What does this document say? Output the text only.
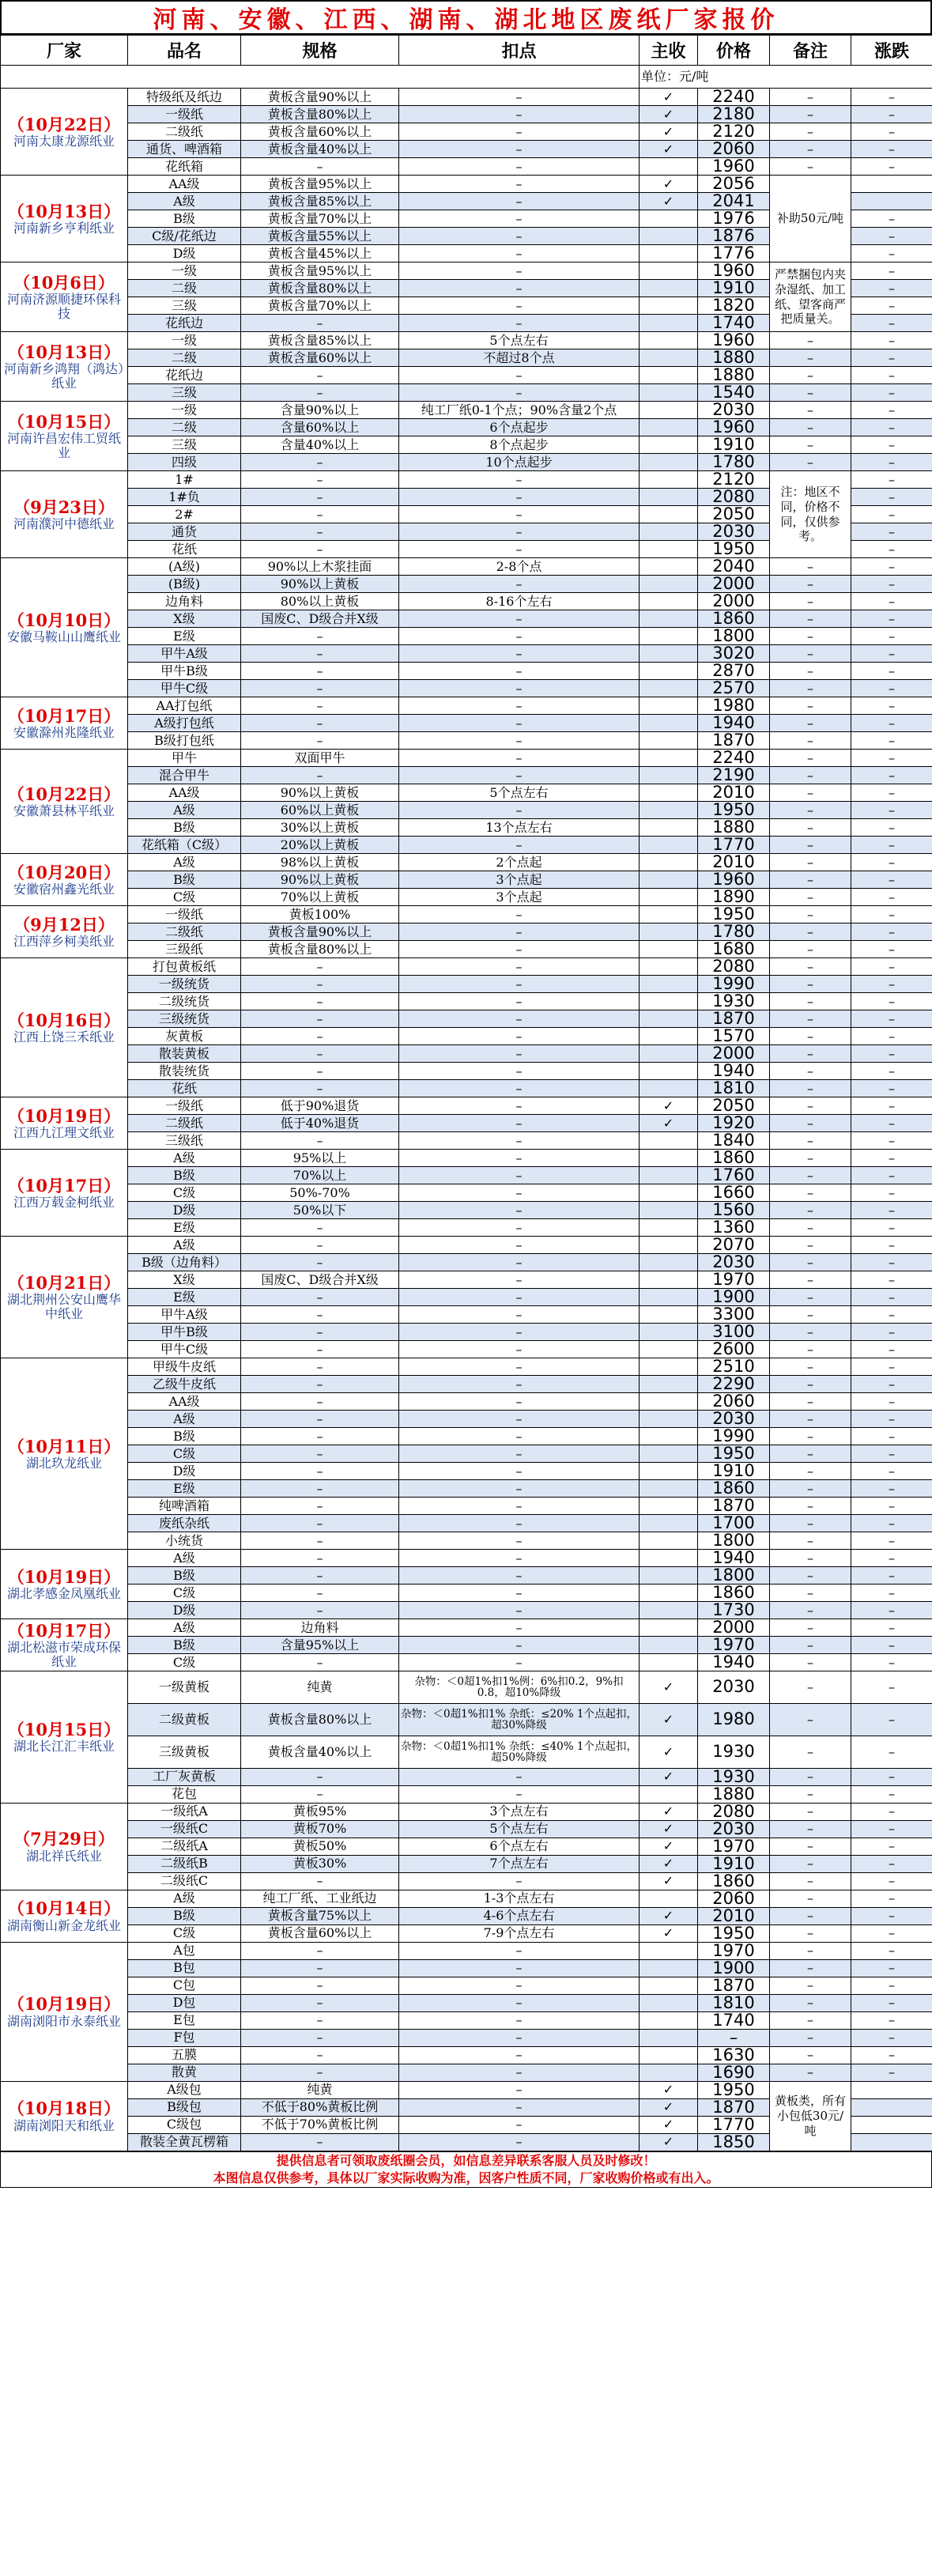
河南、安徽、江西、湖南、湖北地区废纸厂家报价
厂家	品名	规格	扣点	主收	价格	备注	涨跌
				单位：元/吨			

（10月22日）
河南太康龙源纸业	特级纸及纸边	黄板含量90%以上	–	✓	2240	–	–
	一级纸	黄板含量80%以上	–	✓	2180	–	–
	二级纸	黄板含量60%以上	–	✓	2120	–	–
	通货、啤酒箱	黄板含量40%以上	–	✓	2060	–	–
	花纸箱	–	–		1960	–	–

（10月13日）
河南新乡亨利纸业	AA级	黄板含量95%以上	–	✓	2056	补助50元/吨	
	A级	黄板含量85%以上	–	✓	2041		
	B级	黄板含量70%以上	–		1976		–
	C级/花纸边	黄板含量55%以上	–		1876		–
	D级	黄板含量45%以上	–		1776		–

（10月6日）
河南济源顺捷环保科技	一级	黄板含量95%以上	–		1960	严禁捆包内夹杂湿纸、加工纸、望客商严把质量关。	–
	二级	黄板含量80%以上	–		1910		–
	三级	黄板含量70%以上	–		1820		–
	花纸边	–	–		1740		–

（10月13日）
河南新乡鸿翔（鸿达）纸业	一级	黄板含量85%以上	5个点左右		1960	–	–
	二级	黄板含量60%以上	不超过8个点		1880	–	–
	花纸边	–	–		1880	–	–
	三级	–	–		1540	–	–

（10月15日）
河南许昌宏伟工贸纸业	一级	含量90%以上	纯工厂纸0-1个点；90%含量2个点		2030	–	–
	二级	含量60%以上	6个点起步		1960	–	–
	三级	含量40%以上	8个点起步		1910	–	–
	四级	–	10个点起步		1780	–	–

（9月23日）
河南濮河中德纸业	1#	–	–		2120	注：地区不同，价格不同，仅供参考。	–
	1#负	–	–		2080		–
	2#	–	–		2050		–
	通货	–	–		2030		–
	花纸	–	–		1950		–

（10月10日）
安徽马鞍山山鹰纸业	(A级)	90%以上木浆挂面	2-8个点		2040	–	–
	(B级)	90%以上黄板	–		2000	–	–
	边角料	80%以上黄板	8-16个左右		2000	–	–
	X级	国废C、D级合并X级	–		1860	–	–
	E级	–	–		1800	–	–
	甲牛A级	–	–		3020	–	–
	甲牛B级	–	–		2870	–	–
	甲牛C级	–	–		2570	–	–

（10月17日）
安徽滁州兆隆纸业	AA打包纸	–	–		1980	–	–
	A级打包纸	–	–		1940	–	–
	B级打包纸	–	–		1870	–	–

（10月22日）
安徽萧县林平纸业	甲牛	双面甲牛	–		2240	–	–
	混合甲牛	–	–		2190	–	–
	AA级	90%以上黄板	5个点左右		2010	–	–
	A级	60%以上黄板	–		1950	–	–
	B级	30%以上黄板	13个点左右		1880	–	–
	花纸箱（C级）	20%以上黄板	–		1770	–	–

（10月20日）
安徽宿州鑫光纸业	A级	98%以上黄板	2个点起		2010	–	–
	B级	90%以上黄板	3个点起		1960	–	–
	C级	70%以上黄板	3个点起		1890	–	–

（9月12日）
江西萍乡柯美纸业	一级纸	黄板100%	–		1950	–	–
	二级纸	黄板含量90%以上	–		1780	–	–
	三级纸	黄板含量80%以上	–		1680	–	–

（10月16日）
江西上饶三禾纸业	打包黄板纸	–	–		2080	–	–
	一级统货	–	–		1990	–	–
	二级统货	–	–		1930	–	–
	三级统货	–	–		1870	–	–
	灰黄板	–	–		1570	–	–
	散装黄板	–	–		2000	–	–
	散装统货	–	–		1940	–	–
	花纸	–	–		1810	–	–

（10月19日）
江西九江理文纸业	一级纸	低于90%退货	–	✓	2050	–	–
	二级纸	低于40%退货	–	✓	1920	–	–
	三级纸	–	–		1840	–	–

（10月17日）
江西万载金柯纸业	A级	95%以上	–		1860	–	–
	B级	70%以上	–		1760	–	–
	C级	50%-70%	–		1660	–	–
	D级	50%以下	–		1560	–	–
	E级	–	–		1360	–	–

（10月21日）
湖北荆州公安山鹰华中纸业	A级	–	–		2070	–	–
	B级（边角料）	–	–		2030	–	–
	X级	国废C、D级合并X级	–		1970	–	–
	E级	–	–		1900	–	–
	甲牛A级	–	–		3300	–	–
	甲牛B级	–	–		3100	–	–
	甲牛C级	–	–		2600	–	–

（10月11日）
湖北玖龙纸业	甲级牛皮纸	–	–		2510	–	–
	乙级牛皮纸	–	–		2290	–	–
	AA级	–	–		2060	–	–
	A级	–	–		2030	–	–
	B级	–	–		1990	–	–
	C级	–	–		1950	–	–
	D级	–	–		1910	–	–
	E级	–	–		1860	–	–
	纯啤酒箱	–	–		1870	–	–
	废纸杂纸	–	–		1700	–	–
	小统货	–	–		1800	–	–

（10月19日）
湖北孝感金凤凰纸业	A级	–	–		1940	–	–
	B级	–	–		1800	–	–
	C级	–	–		1860	–	–
	D级	–	–		1730	–	–

（10月17日）
湖北松滋市荣成环保纸业	A级	边角料	–		2000	–	–
	B级	含量95%以上	–		1970	–	–
	C级	–	–		1940	–	–

（10月15日）
湖北长江汇丰纸业	一级黄板	纯黄	杂物：＜0超1%扣1%例：6%扣0.2，9%扣0.8，超10%降级	✓	2030	–	–
	二级黄板	黄板含量80%以上	杂物：＜0超1%扣1% 杂纸：≤20% 1个点起扣，超30%降级	✓	1980	–	–
	三级黄板	黄板含量40%以上	杂物：＜0超1%扣1% 杂纸：≤40% 1个点起扣，超50%降级	✓	1930	–	–
	工厂灰黄板	–	–	✓	1930	–	–
	花包	–	–		1880	–	–

（7月29日）
湖北祥氏纸业	一级纸A	黄板95%	3个点左右	✓	2080	–	–
	一级纸C	黄板70%	5个点左右	✓	2030	–	–
	二级纸A	黄板50%	6个点左右	✓	1970	–	–
	二级纸B	黄板30%	7个点左右	✓	1910	–	–
	二级纸C	–	–	✓	1860	–	–

（10月14日）
湖南衡山新金龙纸业	A级	纯工厂纸、工业纸边	1-3个点左右		2060	–	–
	B级	黄板含量75%以上	4-6个点左右	✓	2010	–	–
	C级	黄板含量60%以上	7-9个点左右	✓	1950	–	–

（10月19日）
湖南浏阳市永泰纸业	A包	–	–		1970	–	–
	B包	–	–		1900	–	–
	C包	–	–		1870	–	–
	D包	–	–		1810	–	–
	E包	–	–		1740	–	–
	F包	–	–		–	–	–
	五膜	–	–		1630	–	–
	散黄	–	–		1690	–	–

（10月18日）
湖南浏阳天和纸业	A级包	纯黄	–	✓	1950	黄板类，所有小包低30元/吨	
	B级包	不低于80%黄板比例	–	✓	1870		
	C级包	不低于70%黄板比例	–	✓	1770		
	散装全黄瓦楞箱	–	–	✓	1850		
提供信息者可领取废纸圈会员，如信息差异联系客服人员及时修改！
本图信息仅供参考，具体以厂家实际收购为准，因客户性质不同，厂家收购价格或有出入。
